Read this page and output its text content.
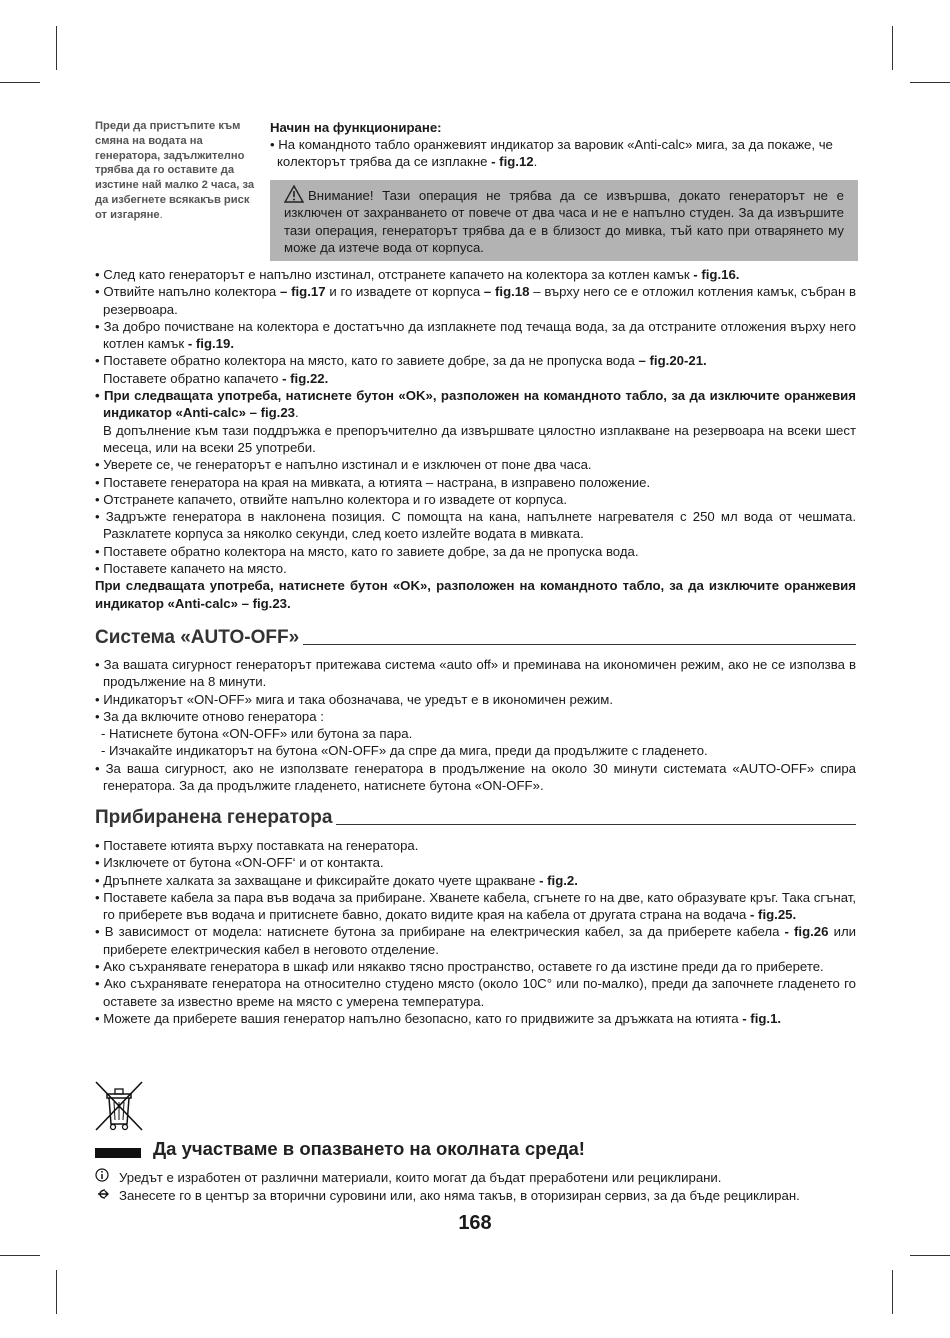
Преди да пристъпите към смяна на водата на генератора, задължително трябва да го оставите да изстине най малко 2 часа, за да избегнете всякакъв риск от изгаряне.
Начин на функциониране:
• На командното табло оранжевият индикатор за варовик «Anti-calc» мига, за да покаже, че колекторът трябва да се изплакне - fig.12.
Внимание! Тази операция не трябва да се извършва, докато генераторът не е изключен от захранването от повече от два часа и не е напълно студен. За да извършите тази операция, генераторът трябва да е в близост до мивка, тъй като при отварянето му може да изтече вода от корпуса.
• След като генераторът е напълно изстинал, отстранете капачето на колектора за котлен камък - fig.16.
• Отвийте напълно колектора – fig.17 и го извадете от корпуса – fig.18 – върху него се е отложил котления камък, събран в резервоара.
• За добро почистване на колектора е достатъчно да изплакнете под течаща вода, за да отстраните отложения върху него котлен камък - fig.19.
• Поставете обратно колектора на място, като го завиете добре, за да не пропуска вода – fig.20-21.
Поставете обратно капачето - fig.22.
• При следващата употреба, натиснете бутон «OK», разположен на командното табло, за да изключите оранжевия индикатор «Anti-calc» – fig.23.
В допълнение към тази поддръжка е препоръчително да извършвате цялостно изплакване на резервоара на всеки шест месеца, или на всеки 25 употреби.
• Уверете се, че генераторът е напълно изстинал и е изключен от поне два часа.
• Поставете генератора на края на мивката, а ютията – настрана, в изправено положение.
• Отстранете капачето, отвийте напълно колектора и го извадете от корпуса.
• Задръжте генератора в наклонена позиция. С помощта на кана, напълнете нагревателя с 250 мл вода от чешмата. Разклатете корпуса за няколко секунди, след което излейте водата в мивката.
• Поставете обратно колектора на място, като го завиете добре, за да не пропуска вода.
• Поставете капачето на място.
При следващата употреба, натиснете бутон «OK», разположен на командното табло, за да изключите оранжевия индикатор «Anti-calc» – fig.23.
Система «AUTO-OFF»
• За вашата сигурност генераторът притежава система «auto off» и преминава на икономичен режим, ако не се използва в продължение на 8 минути.
• Индикаторът «ON-OFF» мига и така обозначава, че уредът е в икономичен режим.
• За да включите отново генератора :
- Натиснете бутона «ON-OFF» или бутона за пара.
- Изчакайте индикаторът на бутона «ON-OFF» да спре да мига, преди да продължите с гладенето.
• За ваша сигурност, ако не използвате генератора в продължение на около 30 минути системата «AUTO-OFF» спира генератора. За да продължите гладенето, натиснете бутона «ON-OFF».
Прибиранена генератора
• Поставете ютията върху поставката на генератора.
• Изключете от бутона «ON-OFF‘ и от контакта.
• Дръпнете халката за захващане и фиксирайте докато чуете щракване - fig.2.
• Поставете кабела за пара във водача за прибиране. Хванете кабела, сгънете го на две, като образувате кръг. Така сгънат, го приберете във водача и притиснете бавно, докато видите края на кабела от другата страна на водача - fig.25.
• В зависимост от модела: натиснете бутона за прибиране на електрическия кабел, за да приберете кабела - fig.26 или приберете електрическия кабел в неговото отделение.
• Ако съхранявате генератора в шкаф или някакво тясно пространство, оставете го да изстине преди да го приберете.
• Ако съхранявате генератора на относително студено място (около 10C° или по-малко), преди да започнете гладенето го оставете за известно време на място с умерена температура.
• Можете да приберете вашия генератор напълно безопасно, като го придвижите за дръжката на ютията - fig.1.
Да участваме в опазването на околната среда!
Уредът е изработен от различни материали, които могат да бъдат преработени или рециклирани.
Занесете го в център за вторични суровини или, ако няма такъв, в оторизиран сервиз, за да бъде рециклиран.
168
